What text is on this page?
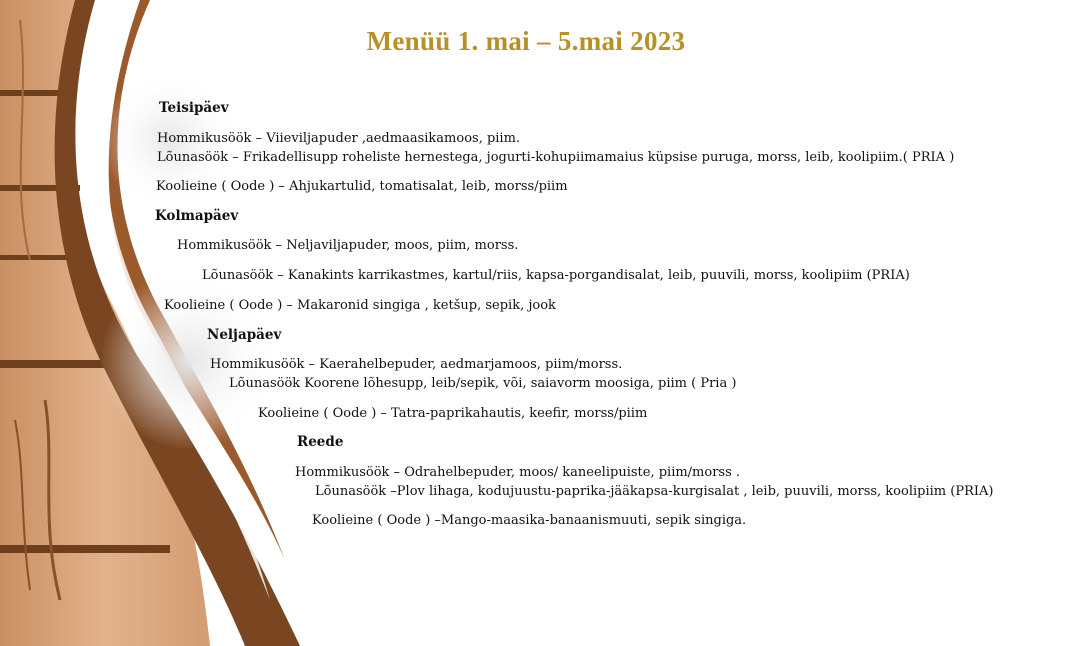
Menüü 1. mai – 5.mai 2023
Teisipäev
Hommikusöök – Viieviljapuder ,aedmaasikamoos, piim.
Lõunasöök – Frikadellisupp roheliste hernestega, jogurti-kohupiimamaius küpsise puruga, morss, leib, koolipiim.( PRIA )
Koolieine ( Oode ) – Ahjukartulid, tomatisalat, leib, morss/piim
Kolmapäev
Hommikusöök – Neljaviljapuder, moos, piim, morss.
Lõunasöök – Kanakints karrikastmes, kartul/riis, kapsa-porgandisalat, leib, puuvili, morss, koolipiim (PRIA)
Koolieine ( Oode ) – Makaronid singiga , ketšup, sepik, jook
Neljapäev
Hommikusöök – Kaerahelbepuder, aedmarjamoos, piim/morss.
Lõunasöök Koorene lõhesupp, leib/sepik, või, saiavorm moosiga, piim ( Pria )
Koolieine ( Oode ) – Tatra-paprikahautis, keefir, morss/piim
Reede
Hommikusöök – Odrahelbepuder, moos/ kaneelipuiste, piim/morss .
Lõunasöök –Plov lihaga, kodujuustu-paprika-jääkapsa-kurgisalat , leib, puuvili, morss, koolipiim (PRIA)
Koolieine ( Oode ) –Mango-maasika-banaanismuuti, sepik singiga.
